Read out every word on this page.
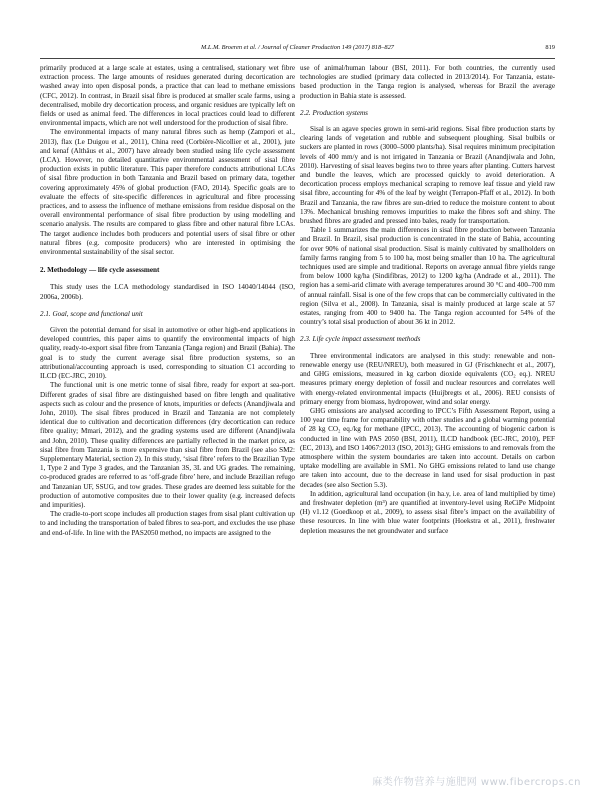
M.L.M. Broeren et al. / Journal of Cleaner Production 149 (2017) 818–827	819

primarily produced at a large scale at estates, using a centralised, stationary wet fibre extraction process. The large amounts of residues generated during decortication are washed away into open disposal ponds, a practice that can lead to methane emissions (CFC, 2012). In contrast, in Brazil sisal fibre is produced at smaller scale farms, using a decentralised, mobile dry decortication process, and organic residues are typically left on fields or used as animal feed. The differences in local practices could lead to different environmental impacts, which are not well understood for the production of sisal fibre.

The environmental impacts of many natural fibres such as hemp (Zampori et al., 2013), flax (Le Duigou et al., 2011), China reed (Corbière-Nicollier et al., 2001), jute and kenaf (Althäus et al., 2007) have already been studied using life cycle assessment (LCA). However, no detailed quantitative environmental assessment of sisal fibre production exists in public literature. This paper therefore conducts attributional LCAs of sisal fibre production in both Tanzania and Brazil based on primary data, together covering approximately 45% of global production (FAO, 2014). Specific goals are to evaluate the effects of site-specific differences in agricultural and fibre processing practices, and to assess the influence of methane emissions from residue disposal on the overall environmental performance of sisal fibre production by using modelling and scenario analysis. The results are compared to glass fibre and other natural fibre LCAs. The target audience includes both producers and potential users of sisal fibre or other natural fibres (e.g. composite producers) who are interested in optimising the environmental sustainability of the sisal sector.

2. Methodology — life cycle assessment

This study uses the LCA methodology standardised in ISO 14040/14044 (ISO, 2006a, 2006b).

2.1. Goal, scope and functional unit

Given the potential demand for sisal in automotive or other high-end applications in developed countries, this paper aims to quantify the environmental impacts of high quality, ready-to-export sisal fibre from Tanzania (Tanga region) and Brazil (Bahia). The goal is to study the current average sisal fibre production systems, so an attributional/accounting approach is used, corresponding to situation C1 according to ILCD (EC-JRC, 2010).

The functional unit is one metric tonne of sisal fibre, ready for export at sea-port. Different grades of sisal fibre are distinguished based on fibre length and qualitative aspects such as colour and the presence of knots, impurities or defects (Anandjiwala and John, 2010). The sisal fibres produced in Brazil and Tanzania are not completely identical due to cultivation and decortication differences (dry decortication can reduce fibre quality; Mmari, 2012), and the grading systems used are different (Anandjiwala and John, 2010). These quality differences are partially reflected in the market price, as sisal fibre from Tanzania is more expensive than sisal fibre from Brazil (see also SM2: Supplementary Material, section 2). In this study, ‘sisal fibre’ refers to the Brazilian Type 1, Type 2 and Type 3 grades, and the Tanzanian 3S, 3L and UG grades. The remaining, co-produced grades are referred to as ‘off-grade fibre’ here, and include Brazilian refugo and Tanzanian UF, SSUG, and tow grades. These grades are deemed less suitable for the production of automotive composites due to their lower quality (e.g. increased defects and impurities).

The cradle-to-port scope includes all production stages from sisal plant cultivation up to and including the transportation of baled fibres to sea-port, and excludes the use phase and end-of-life. In line with the PAS2050 method, no impacts are assigned to the

use of animal/human labour (BSI, 2011). For both countries, the currently used technologies are studied (primary data collected in 2013/2014). For Tanzania, estate-based production in the Tanga region is analysed, whereas for Brazil the average production in Bahia state is assessed.

2.2. Production systems

Sisal is an agave species grown in semi-arid regions. Sisal fibre production starts by clearing lands of vegetation and rubble and subsequent ploughing. Sisal bulbils or suckers are planted in rows (3000–5000 plants/ha). Sisal requires minimum precipitation levels of 400 mm/y and is not irrigated in Tanzania or Brazil (Anandjiwala and John, 2010). Harvesting of sisal leaves begins two to three years after planting. Cutters harvest and bundle the leaves, which are processed quickly to avoid deterioration. A decortication process employs mechanical scraping to remove leaf tissue and yield raw sisal fibre, accounting for 4% of the leaf by weight (Terrapon-Pfaff et al., 2012). In both Brazil and Tanzania, the raw fibres are sun-dried to reduce the moisture content to about 13%. Mechanical brushing removes impurities to make the fibres soft and shiny. The brushed fibres are graded and pressed into bales, ready for transportation.

Table 1 summarizes the main differences in sisal fibre production between Tanzania and Brazil. In Brazil, sisal production is concentrated in the state of Bahia, accounting for over 90% of national sisal production. Sisal is mainly cultivated by smallholders on family farms ranging from 5 to 100 ha, most being smaller than 10 ha. The agricultural techniques used are simple and traditional. Reports on average annual fibre yields range from below 1000 kg/ha (Sindifíbras, 2012) to 1200 kg/ha (Andrade et al., 2011). The region has a semi-arid climate with average temperatures around 30 °C and 400–700 mm of annual rainfall. Sisal is one of the few crops that can be commercially cultivated in the region (Silva et al., 2008). In Tanzania, sisal is mainly produced at large scale at 57 estates, ranging from 400 to 9400 ha. The Tanga region accounted for 54% of the country’s total sisal production of about 36 kt in 2012.

2.3. Life cycle impact assessment methods

Three environmental indicators are analysed in this study: renewable and non-renewable energy use (REU/NREU), both measured in GJ (Frischknecht et al., 2007), and GHG emissions, measured in kg carbon dioxide equivalents (CO₂ eq.). NREU measures primary energy depletion of fossil and nuclear resources and correlates well with energy-related environmental impacts (Huijbregts et al., 2006). REU consists of primary energy from biomass, hydropower, wind and solar energy.

GHG emissions are analysed according to IPCC’s Fifth Assessment Report, using a 100 year time frame for comparability with other studies and a global warming potential of 28 kg CO₂ eq./kg for methane (IPCC, 2013). The accounting of biogenic carbon is conducted in line with PAS 2050 (BSI, 2011), ILCD handbook (EC-JRC, 2010), PEF (EC, 2013), and ISO 14067:2013 (ISO, 2013); GHG emissions to and removals from the atmosphere within the system boundaries are taken into account. Details on carbon uptake modelling are available in SM1. No GHG emissions related to land use change are taken into account, due to the decrease in land used for sisal production in past decades (see also Section 5.3).

In addition, agricultural land occupation (in ha.y, i.e. area of land multiplied by time) and freshwater depletion (m³) are quantified at inventory-level using ReCiPe Midpoint (H) v1.12 (Goedkoop et al., 2009), to assess sisal fibre’s impact on the availability of these resources. In line with blue water footprints (Hoekstra et al., 2011), freshwater depletion measures the net groundwater and surface

麻类作物营养与施肥网 www.fibercrops.cn
